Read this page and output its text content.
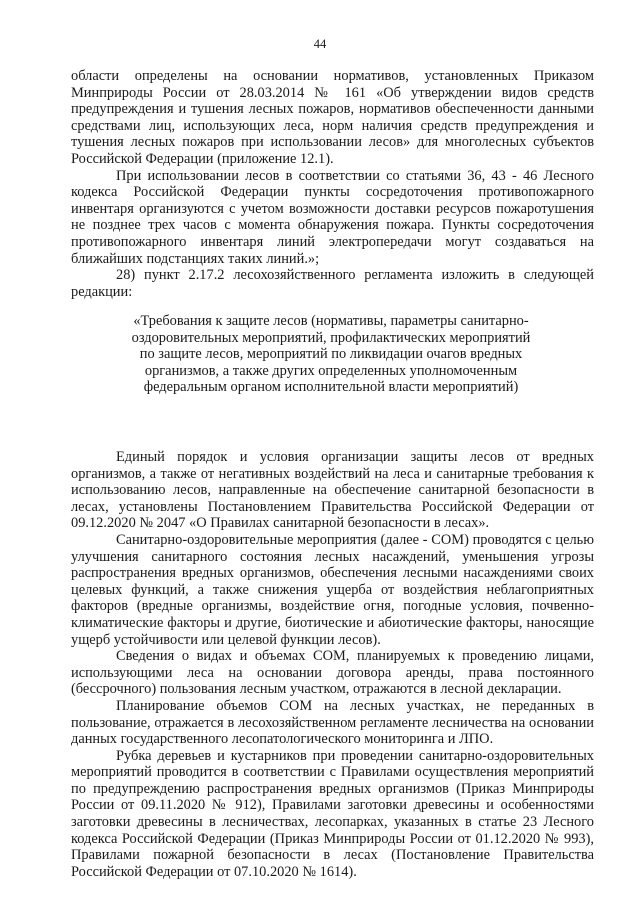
44

области определены на основании нормативов, установленных Приказом Минприроды России от 28.03.2014 № 161 «Об утверждении видов средств предупреждения и тушения лесных пожаров, нормативов обеспеченности данными средствами лиц, использующих леса, норм наличия средств предупреждения и тушения лесных пожаров при использовании лесов» для многолесных субъектов Российской Федерации (приложение 12.1).

При использовании лесов в соответствии со статьями 36, 43 - 46 Лесного кодекса Российской Федерации пункты сосредоточения противопожарного инвентаря организуются с учетом возможности доставки ресурсов пожаротушения не позднее трех часов с момента обнаружения пожара. Пункты сосредоточения противопожарного инвентаря линий электропередачи могут создаваться на ближайших подстанциях таких линий.»;

28) пункт 2.17.2 лесохозяйственного регламента изложить в следующей редакции:

«Требования к защите лесов (нормативы, параметры санитарно-оздоровительных мероприятий, профилактических мероприятий по защите лесов, мероприятий по ликвидации очагов вредных организмов, а также других определенных уполномоченным федеральным органом исполнительной власти мероприятий)

Единый порядок и условия организации защиты лесов от вредных организмов, а также от негативных воздействий на леса и санитарные требования к использованию лесов, направленные на обеспечение санитарной безопасности в лесах, установлены Постановлением Правительства Российской Федерации от 09.12.2020 № 2047 «О Правилах санитарной безопасности в лесах».

Санитарно-оздоровительные мероприятия (далее - СОМ) проводятся с целью улучшения санитарного состояния лесных насаждений, уменьшения угрозы распространения вредных организмов, обеспечения лесными насаждениями своих целевых функций, а также снижения ущерба от воздействия неблагоприятных факторов (вредные организмы, воздействие огня, погодные условия, почвенно-климатические факторы и другие, биотические и абиотические факторы, наносящие ущерб устойчивости или целевой функции лесов).

Сведения о видах и объемах СОМ, планируемых к проведению лицами, использующими леса на основании договора аренды, права постоянного (бессрочного) пользования лесным участком, отражаются в лесной декларации.

Планирование объемов СОМ на лесных участках, не переданных в пользование, отражается в лесохозяйственном регламенте лесничества на основании данных государственного лесопатологического мониторинга и ЛПО.

Рубка деревьев и кустарников при проведении санитарно-оздоровительных мероприятий проводится в соответствии с Правилами осуществления мероприятий по предупреждению распространения вредных организмов (Приказ Минприроды России от 09.11.2020 № 912), Правилами заготовки древесины и особенностями заготовки древесины в лесничествах, лесопарках, указанных в статье 23 Лесного кодекса Российской Федерации (Приказ Минприроды России от 01.12.2020 № 993), Правилами пожарной безопасности в лесах (Постановление Правительства Российской Федерации от 07.10.2020 № 1614).
